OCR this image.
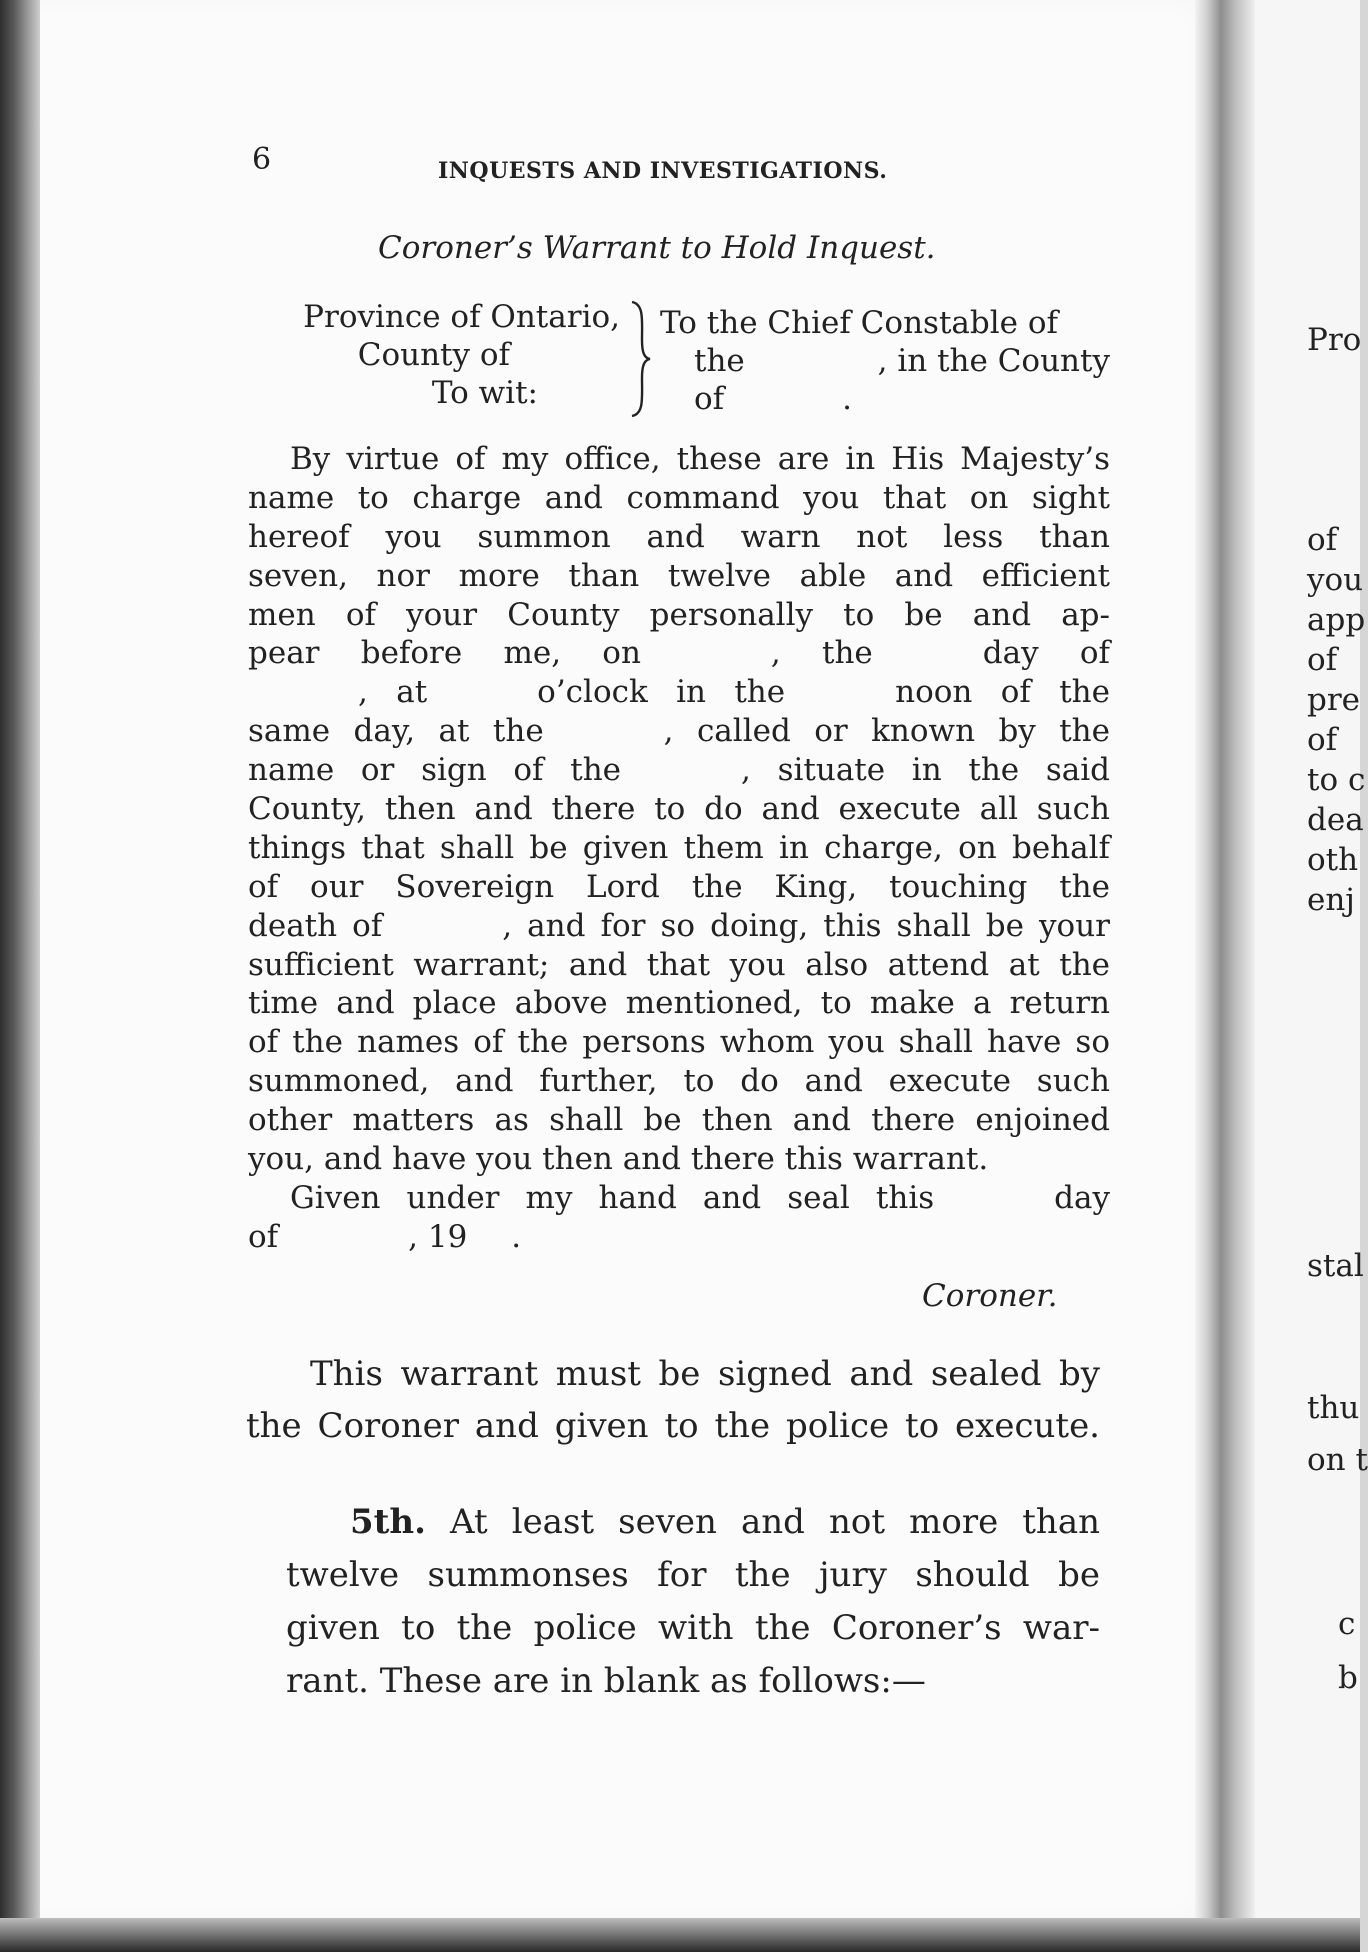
6	INQUESTS AND INVESTIGATIONS.
Coroner’s Warrant to Hold Inquest.
Province of Ontario,
County of
To wit:
To the Chief Constable of
the	, in the County
of	.
By virtue of my office, these are in His Majesty’s
name to charge and command you that on sight
hereof you summon and warn not less than
seven, nor more than twelve able and efficient
men of your County personally to be and ap-
pear before me, on	, the	day of
, at	o’clock in the	noon of the
same day, at the	, called or known by the
name or sign of the	, situate in the said
County, then and there to do and execute all such
things that shall be given them in charge, on behalf
of our Sovereign Lord the King, touching the
death of	, and for so doing, this shall be your
sufficient warrant; and that you also attend at the
time and place above mentioned, to make a return
of the names of the persons whom you shall have so
summoned, and further, to do and execute such
other matters as shall be then and there enjoined
you, and have you then and there this warrant.
Given under my hand and seal this	day
of	, 19 .
Coroner.
This warrant must be signed and sealed by
the Coroner and given to the police to execute.
5th. At least seven and not more than
twelve summonses for the jury should be
given to the police with the Coroner’s war-
rant. These are in blank as follows:—
Pro
of
you
app
of
pre
of
to c
dea
oth
enj
stal
thu
on t
c
b
